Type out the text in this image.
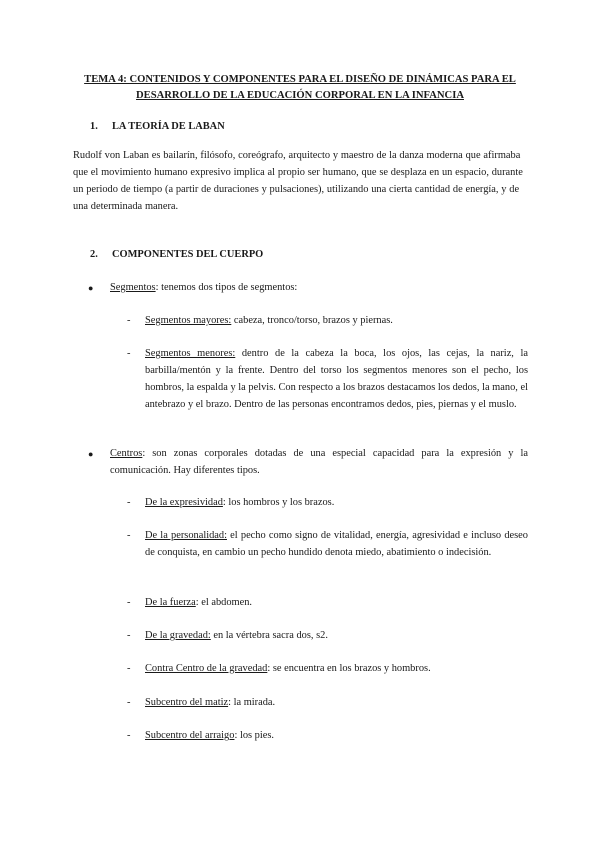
TEMA 4: CONTENIDOS Y COMPONENTES PARA EL DISEÑO DE DINÁMICAS PARA EL
DESARROLLO DE LA EDUCACIÓN CORPORAL EN LA INFANCIA
1. LA TEORÍA DE LABAN
Rudolf von Laban es bailarín, filósofo, coreógrafo, arquitecto y maestro de la danza moderna que afirmaba que el movimiento humano expresivo implica al propio ser humano, que se desplaza en un espacio, durante un periodo de tiempo (a partir de duraciones y pulsaciones), utilizando una cierta cantidad de energía, y de una determinada manera.
2. COMPONENTES DEL CUERPO
●	Segmentos: tenemos dos tipos de segmentos:
-	Segmentos mayores: cabeza, tronco/torso, brazos y piernas.
-	Segmentos menores: dentro de la cabeza la boca, los ojos, las cejas, la nariz, la barbilla/mentón y la frente. Dentro del torso los segmentos menores son el pecho, los hombros, la espalda y la pelvis. Con respecto a los brazos destacamos los dedos, la mano, el antebrazo y el brazo. Dentro de las personas encontramos dedos, pies, piernas y el muslo.
●	Centros: son zonas corporales dotadas de una especial capacidad para la expresión y la comunicación. Hay diferentes tipos.
-	De la expresividad: los hombros y los brazos.
-	De la personalidad: el pecho como signo de vitalidad, energía, agresividad e incluso deseo de conquista, en cambio un pecho hundido denota miedo, abatimiento o indecisión.
-	De la fuerza: el abdomen.
-	De la gravedad: en la vértebra sacra dos, s2.
-	Contra Centro de la gravedad: se encuentra en los brazos y hombros.
-	Subcentro del matiz: la mirada.
-	Subcentro del arraigo: los pies.
